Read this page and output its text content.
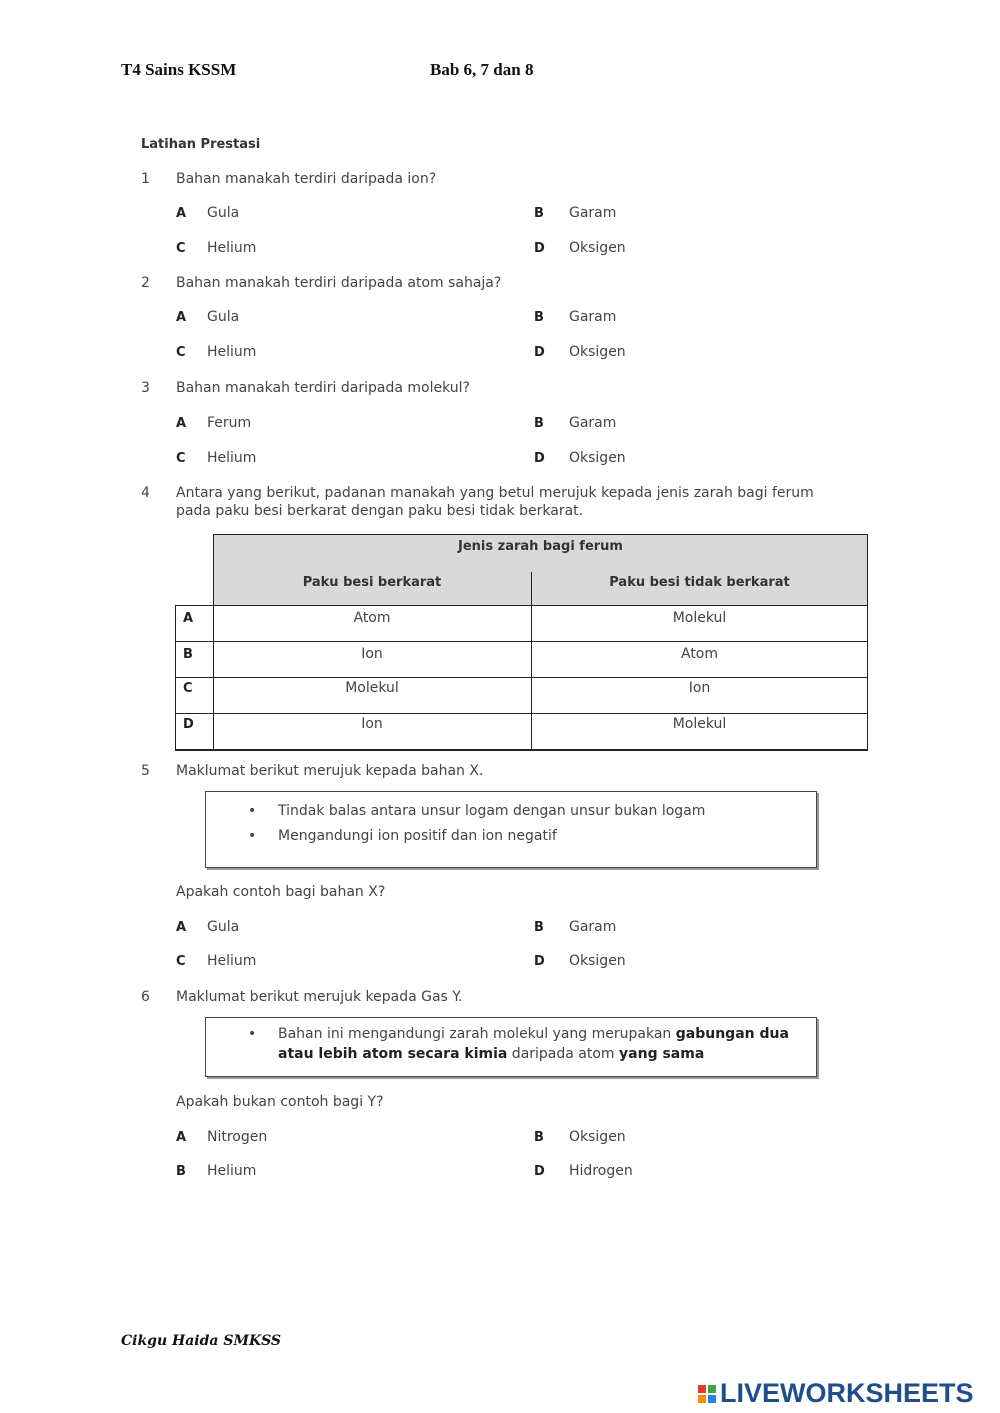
T4 Sains KSSM	Bab 6, 7 dan 8
Latihan Prestasi
1 Bahan manakah terdiri daripada ion?
A Gula	B Garam
C Helium	D Oksigen
2 Bahan manakah terdiri daripada atom sahaja?
A Gula	B Garam
C Helium	D Oksigen
3 Bahan manakah terdiri daripada molekul?
A Ferum	B Garam
C Helium	D Oksigen
4 Antara yang berikut, padanan manakah yang betul merujuk kepada jenis zarah bagi ferum
pada paku besi berkarat dengan paku besi tidak berkarat.
Jenis zarah bagi ferum
Paku besi berkarat	Paku besi tidak berkarat
A	Atom	Molekul
B	Ion	Atom
C	Molekul	Ion
D	Ion	Molekul
5 Maklumat berikut merujuk kepada bahan X.
• Tindak balas antara unsur logam dengan unsur bukan logam
• Mengandungi ion positif dan ion negatif
Apakah contoh bagi bahan X?
A Gula	B Garam
C Helium	D Oksigen
6 Maklumat berikut merujuk kepada Gas Y.
• Bahan ini mengandungi zarah molekul yang merupakan gabungan dua
atau lebih atom secara kimia daripada atom yang sama
Apakah bukan contoh bagi Y?
A Nitrogen	B Oksigen
B Helium	D Hidrogen
Cikgu Haida SMKSS
LIVEWORKSHEETS
